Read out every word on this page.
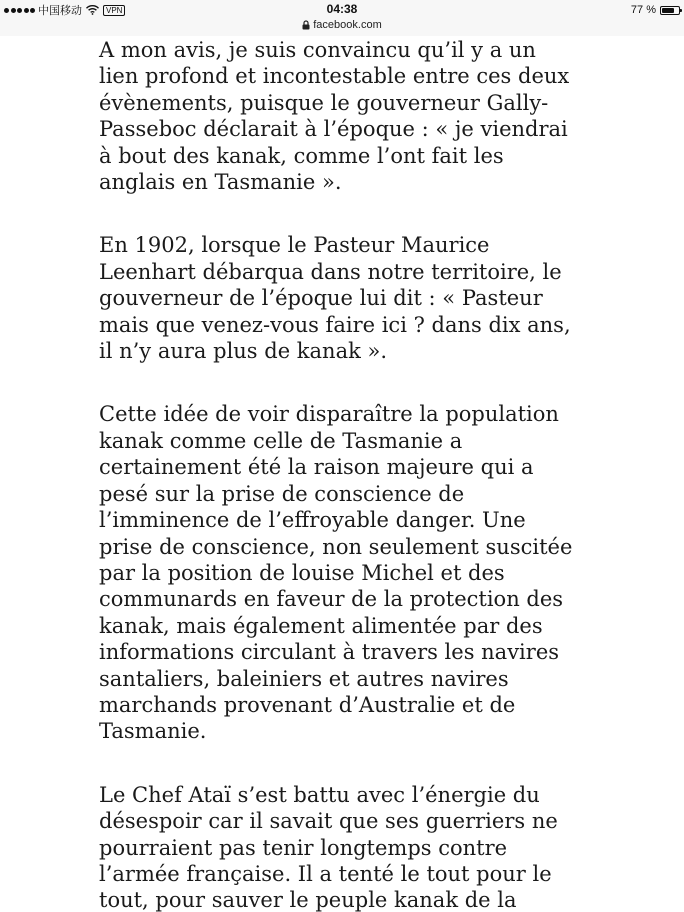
中国移动	VPN	04:38	77 %
facebook.com

A mon avis, je suis convaincu qu’il y a un
lien profond et incontestable entre ces deux
évènements, puisque le gouverneur Gally-
Passeboc déclarait à l’époque : « je viendrai
à bout des kanak, comme l’ont fait les
anglais en Tasmanie ».

En 1902, lorsque le Pasteur Maurice
Leenhart débarqua dans notre territoire, le
gouverneur de l’époque lui dit : « Pasteur
mais que venez-vous faire ici ? dans dix ans,
il n’y aura plus de kanak ».

Cette idée de voir disparaître la population
kanak comme celle de Tasmanie a
certainement été la raison majeure qui a
pesé sur la prise de conscience de
l’imminence de l’effroyable danger. Une
prise de conscience, non seulement suscitée
par la position de louise Michel et des
communards en faveur de la protection des
kanak, mais également alimentée par des
informations circulant à travers les navires
santaliers, baleiniers et autres navires
marchands provenant d’Australie et de
Tasmanie.

Le Chef Ataï s’est battu avec l’énergie du
désespoir car il savait que ses guerriers ne
pourraient pas tenir longtemps contre
l’armée française. Il a tenté le tout pour le
tout, pour sauver le peuple kanak de la
